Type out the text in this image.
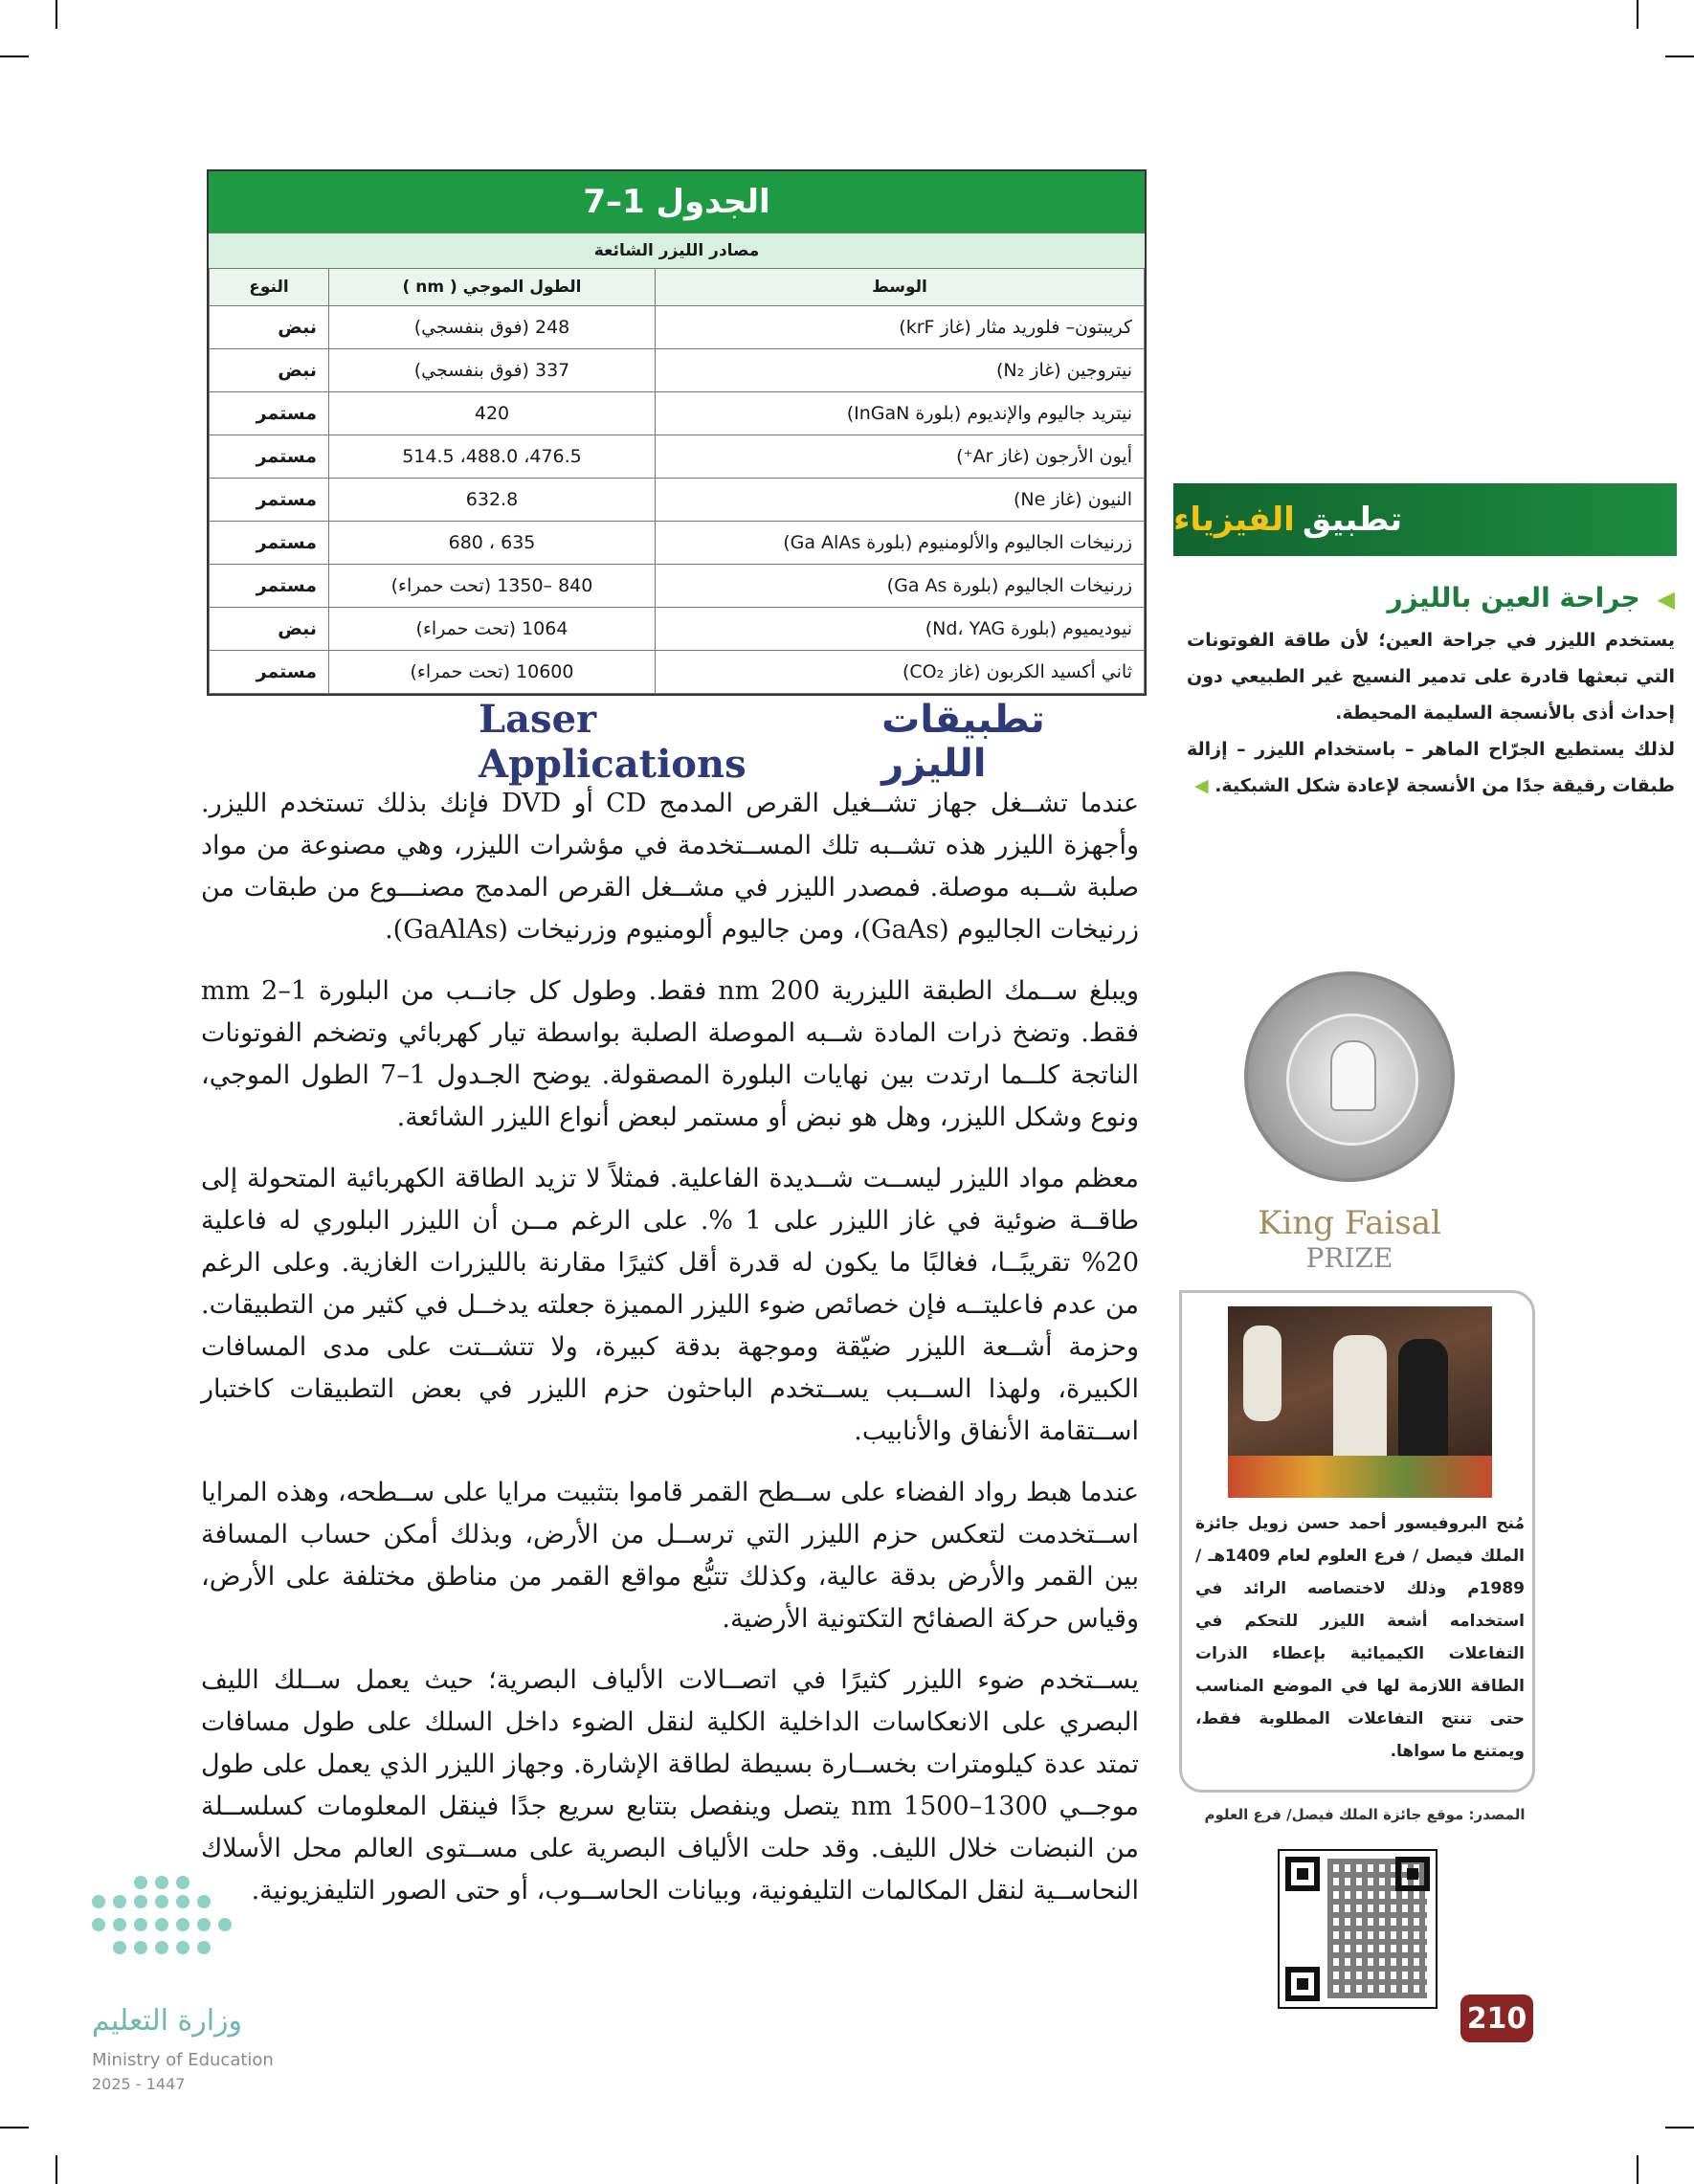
الجدول 1–7
مصادر الليزر الشائعة
الوسط	الطول الموجي ( nm )	النوع
كريبتون– فلوريد مثار (غاز krF)	248 (فوق بنفسجي)	نبض
نيتروجين (غاز N₂)	337 (فوق بنفسجي)	نبض
نيتريد جاليوم والإنديوم (بلورة InGaN)	420	مستمر
أيون الأرجون (غاز Ar⁺)	476.5، 488.0، 514.5	مستمر
النيون (غاز Ne)	632.8	مستمر
زرنيخات الجاليوم والألومنيوم (بلورة Ga AlAs)	635 ، 680	مستمر
زرنيخات الجاليوم (بلورة Ga As)	840 –1350 (تحت حمراء)	مستمر
نيوديميوم (بلورة Nd، YAG)	1064 (تحت حمراء)	نبض
ثاني أكسيد الكربون (غاز CO₂)	10600 (تحت حمراء)	مستمر
Laser Applications
تطبيقات الليزر

عندما تشــغل جهاز تشــغيل القرص المدمج CD أو DVD فإنك بذلك تستخدم الليزر. وأجهزة الليزر هذه تشــبه تلك المســتخدمة في مؤشرات الليزر، وهي مصنوعة من مواد صلبة شــبه موصلة. فمصدر الليزر في مشــغل القرص المدمج مصنـــوع من طبقات من زرنيخات الجاليوم (GaAs)، ومن جاليوم ألومنيوم وزرنيخات (GaAlAs).

ويبلغ ســمك الطبقة الليزرية 200 nm فقط. وطول كل جانــب من البلورة 1–2 mm فقط. وتضخ ذرات المادة شــبه الموصلة الصلبة بواسطة تيار كهربائي وتضخم الفوتونات الناتجة كلــما ارتدت بين نهايات البلورة المصقولة. يوضح الجـدول 1–7 الطول الموجي، ونوع وشكل الليزر، وهل هو نبض أو مستمر لبعض أنواع الليزر الشائعة.

معظم مواد الليزر ليســت شــديدة الفاعلية. فمثلاً لا تزيد الطاقة الكهربائية المتحولة إلى طاقــة ضوئية في غاز الليزر على 1 %. على الرغم مــن أن الليزر البلوري له فاعلية 20% تقريبًــا، فغالبًا ما يكون له قدرة أقل كثيرًا مقارنة بالليزرات الغازية. وعلى الرغم من عدم فاعليتــه فإن خصائص ضوء الليزر المميزة جعلته يدخــل في كثير من التطبيقات. وحزمة أشــعة الليزر ضيّقة وموجهة بدقة كبيرة، ولا تتشــتت على مدى المسافات الكبيرة، ولهذا الســبب يســتخدم الباحثون حزم الليزر في بعض التطبيقات كاختبار اســتقامة الأنفاق والأنابيب.

عندما هبط رواد الفضاء على ســطح القمر قاموا بتثبيت مرايا على ســطحه، وهذه المرايا اســتخدمت لتعكس حزم الليزر التي ترســل من الأرض، وبذلك أمكن حساب المسافة بين القمر والأرض بدقة عالية، وكذلك تتبُّع مواقع القمر من مناطق مختلفة على الأرض، وقياس حركة الصفائح التكتونية الأرضية.

يســتخدم ضوء الليزر كثيرًا في اتصــالات الألياف البصرية؛ حيث يعمل ســلك الليف البصري على الانعكاسات الداخلية الكلية لنقل الضوء داخل السلك على طول مسافات تمتد عدة كيلومترات بخســارة بسيطة لطاقة الإشارة. وجهاز الليزر الذي يعمل على طول موجــي 1300–1500 nm يتصل وينفصل بتتابع سريع جدًا فينقل المعلومات كسلســلة من النبضات خلال الليف. وقد حلت الألياف البصرية على مســتوى العالم محل الأسلاك النحاســية لنقل المكالمات التليفونية، وبيانات الحاســوب، أو حتى الصور التليفزيونية.

تطبيق
الفيزياء
◀ جراحة العين بالليزر

يستخدم الليزر في جراحة العين؛ لأن طاقة الفوتونات التي تبعثها قادرة على تدمير النسيج غير الطبيعي دون إحداث أذى بالأنسجة السليمة المحيطة.

لذلك يستطيع الجرّاح الماهر – باستخدام الليزر – إزالة طبقات رقيقة جدًا من الأنسجة لإعادة شكل الشبكية. ◀

King Faisal
PRIZE
مُنح البروفيسور أحمد حسن زويل جائزة الملك فيصل / فرع العلوم لعام 1409هـ / 1989م وذلك لاختصاصه الرائد في استخدامه أشعة الليزر للتحكم في التفاعلات الكيميائية بإعطاء الذرات الطاقة اللازمة لها في الموضع المناسب حتى تنتج التفاعلات المطلوبة فقط، ويمتنع ما سواها.
المصدر: موقع جائزة الملك فيصل/ فرع العلوم
210
وزارة التعليم
Ministry of Education
2025 - 1447
